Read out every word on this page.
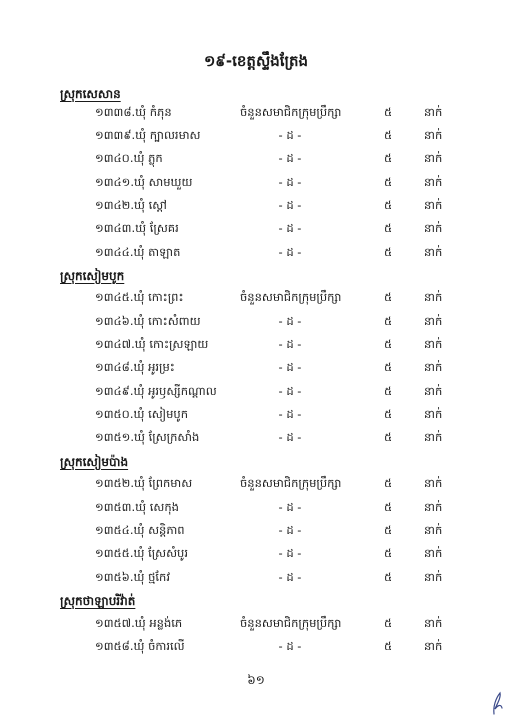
១៩-ខេត្តស្ទឹងត្រែង
ស្រុកសេសាន
១៣៣៨.ឃុំ កំភុន	ចំនួនសមាជិកក្រុមប្រឹក្សា	៥	នាក់
១៣៣៩.ឃុំ ក្បាលរមាស	- ដ -	៥	នាក់
១៣៤០.ឃុំ ភ្លុក	- ដ -	៥	នាក់
១៣៤១.ឃុំ សាមឃួយ	- ដ -	៥	នាក់
១៣៤២.ឃុំ ស្ដៅ	- ដ -	៥	នាក់
១៣៤៣.ឃុំ ស្រែគរ	- ដ -	៥	នាក់
១៣៤៤.ឃុំ តាឡាត	- ដ -	៥	នាក់
ស្រុកសៀមបូក
១៣៤៥.ឃុំ កោះព្រះ	ចំនួនសមាជិកក្រុមប្រឹក្សា	៥	នាក់
១៣៤៦.ឃុំ កោះសំពាយ	- ដ -	៥	នាក់
១៣៤៧.ឃុំ កោះស្រឡាយ	- ដ -	៥	នាក់
១៣៤៨.ឃុំ អូរម្រះ	- ដ -	៥	នាក់
១៣៤៩.ឃុំ អូរឫស្សីកណ្ដាល	- ដ -	៥	នាក់
១៣៥០.ឃុំ សៀមបូក	- ដ -	៥	នាក់
១៣៥១.ឃុំ ស្រែក្រសាំង	- ដ -	៥	នាក់
ស្រុកសៀមប៉ាង
១៣៥២.ឃុំ ព្រែកមាស	ចំនួនសមាជិកក្រុមប្រឹក្សា	៥	នាក់
១៣៥៣.ឃុំ សេកុង	- ដ -	៥	នាក់
១៣៥៤.ឃុំ សន្ដិភាព	- ដ -	៥	នាក់
១៣៥៥.ឃុំ ស្រែសំបូរ	- ដ -	៥	នាក់
១៣៥៦.ឃុំ ថ្មកែវ	- ដ -	៥	នាក់
ស្រុកថាឡាបរិវ៉ាត់
១៣៥៧.ឃុំ អន្លង់ភេ	ចំនួនសមាជិកក្រុមប្រឹក្សា	៥	នាក់
១៣៥៨.ឃុំ ចំការលើ	- ដ -	៥	នាក់
៦១
